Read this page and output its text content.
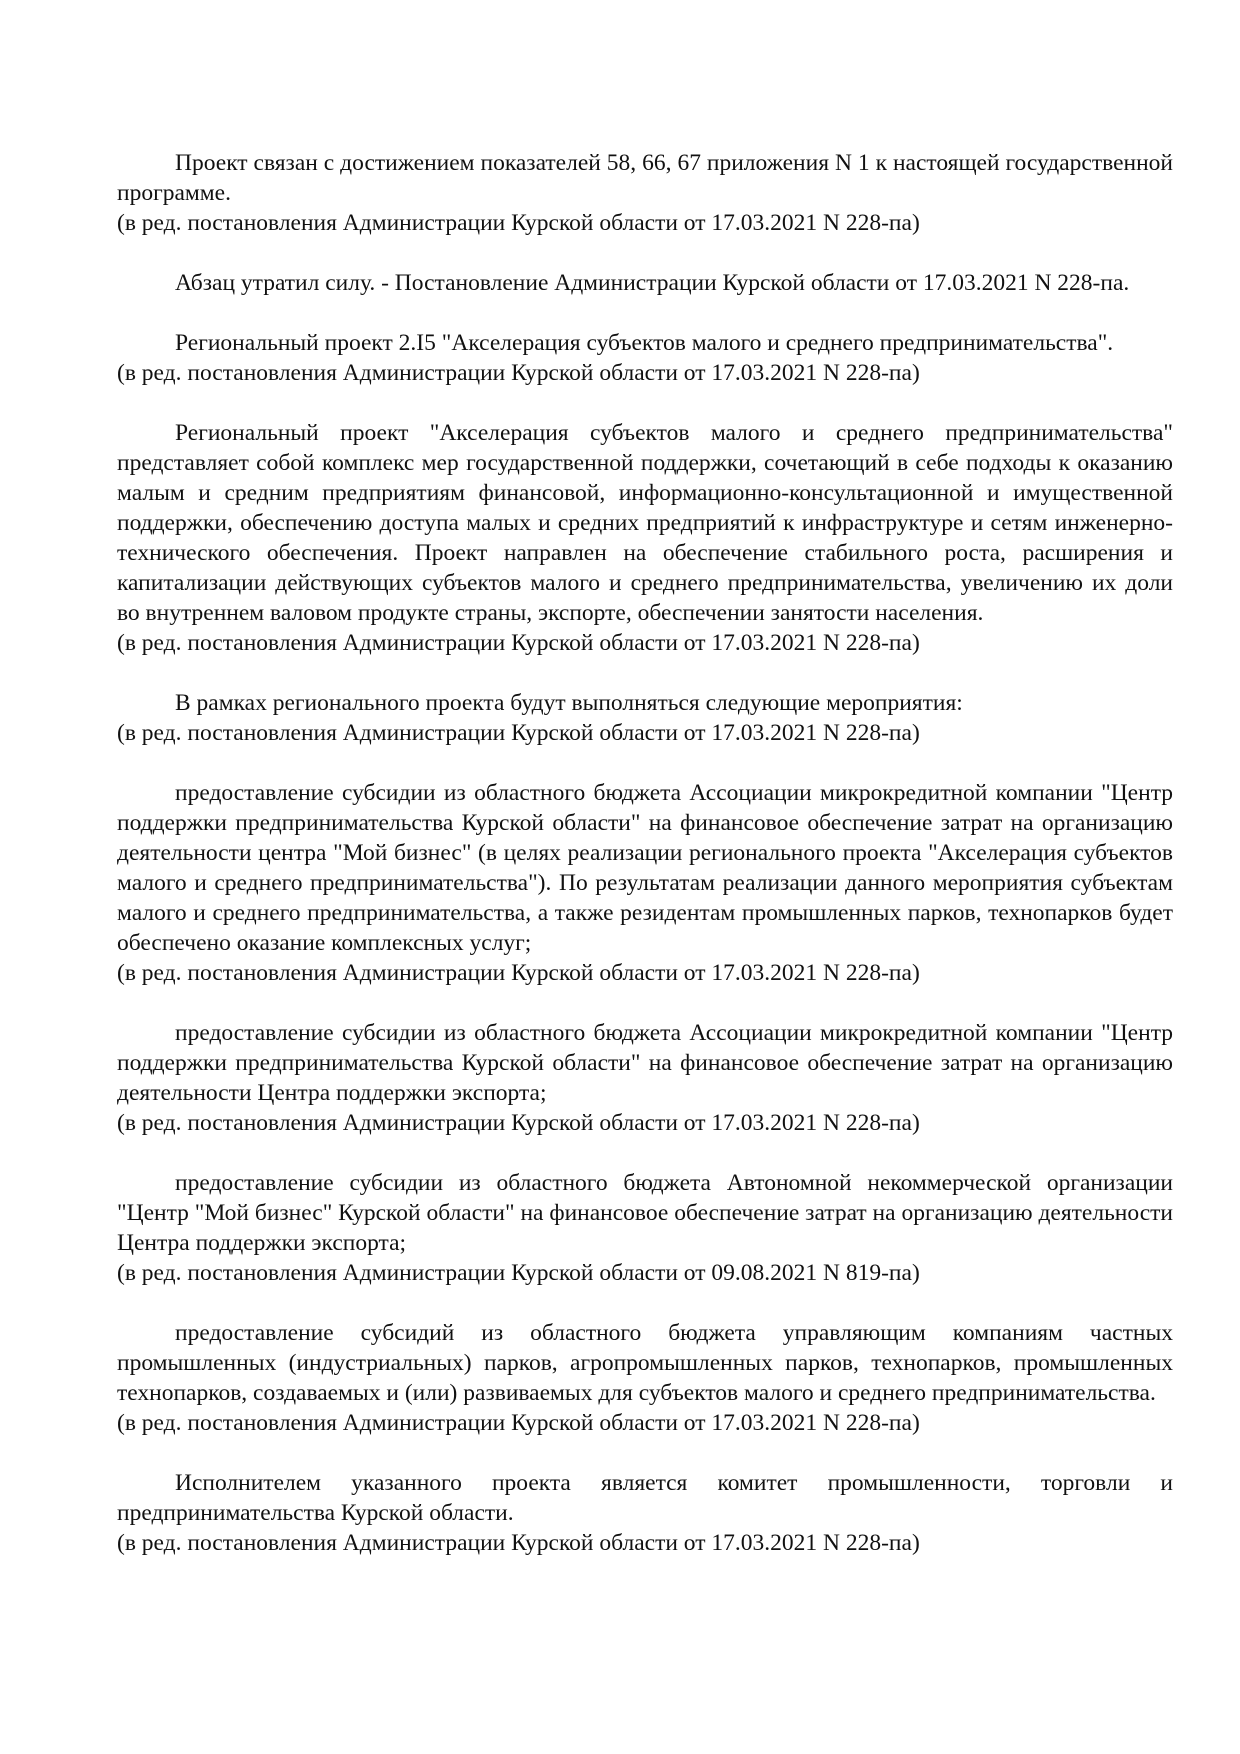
Проект связан с достижением показателей 58, 66, 67 приложения N 1 к настоящей государственной программе.

(в ред. постановления Администрации Курской области от 17.03.2021 N 228-па)

Абзац утратил силу. - Постановление Администрации Курской области от 17.03.2021 N 228-па.

Региональный проект 2.I5 "Акселерация субъектов малого и среднего предпринимательства".

(в ред. постановления Администрации Курской области от 17.03.2021 N 228-па)

Региональный проект "Акселерация субъектов малого и среднего предпринимательства" представляет собой комплекс мер государственной поддержки, сочетающий в себе подходы к оказанию малым и средним предприятиям финансовой, информационно-консультационной и имущественной поддержки, обеспечению доступа малых и средних предприятий к инфраструктуре и сетям инженерно-технического обеспечения. Проект направлен на обеспечение стабильного роста, расширения и капитализации действующих субъектов малого и среднего предпринимательства, увеличению их доли во внутреннем валовом продукте страны, экспорте, обеспечении занятости населения.

(в ред. постановления Администрации Курской области от 17.03.2021 N 228-па)

В рамках регионального проекта будут выполняться следующие мероприятия:

(в ред. постановления Администрации Курской области от 17.03.2021 N 228-па)

предоставление субсидии из областного бюджета Ассоциации микрокредитной компании "Центр поддержки предпринимательства Курской области" на финансовое обеспечение затрат на организацию деятельности центра "Мой бизнес" (в целях реализации регионального проекта "Акселерация субъектов малого и среднего предпринимательства"). По результатам реализации данного мероприятия субъектам малого и среднего предпринимательства, а также резидентам промышленных парков, технопарков будет обеспечено оказание комплексных услуг;

(в ред. постановления Администрации Курской области от 17.03.2021 N 228-па)

предоставление субсидии из областного бюджета Ассоциации микрокредитной компании "Центр поддержки предпринимательства Курской области" на финансовое обеспечение затрат на организацию деятельности Центра поддержки экспорта;

(в ред. постановления Администрации Курской области от 17.03.2021 N 228-па)

предоставление субсидии из областного бюджета Автономной некоммерческой организации "Центр "Мой бизнес" Курской области" на финансовое обеспечение затрат на организацию деятельности Центра поддержки экспорта;

(в ред. постановления Администрации Курской области от 09.08.2021 N 819-па)

предоставление субсидий из областного бюджета управляющим компаниям частных промышленных (индустриальных) парков, агропромышленных парков, технопарков, промышленных технопарков, создаваемых и (или) развиваемых для субъектов малого и среднего предпринимательства.

(в ред. постановления Администрации Курской области от 17.03.2021 N 228-па)

Исполнителем указанного проекта является комитет промышленности, торговли и предпринимательства Курской области.

(в ред. постановления Администрации Курской области от 17.03.2021 N 228-па)
